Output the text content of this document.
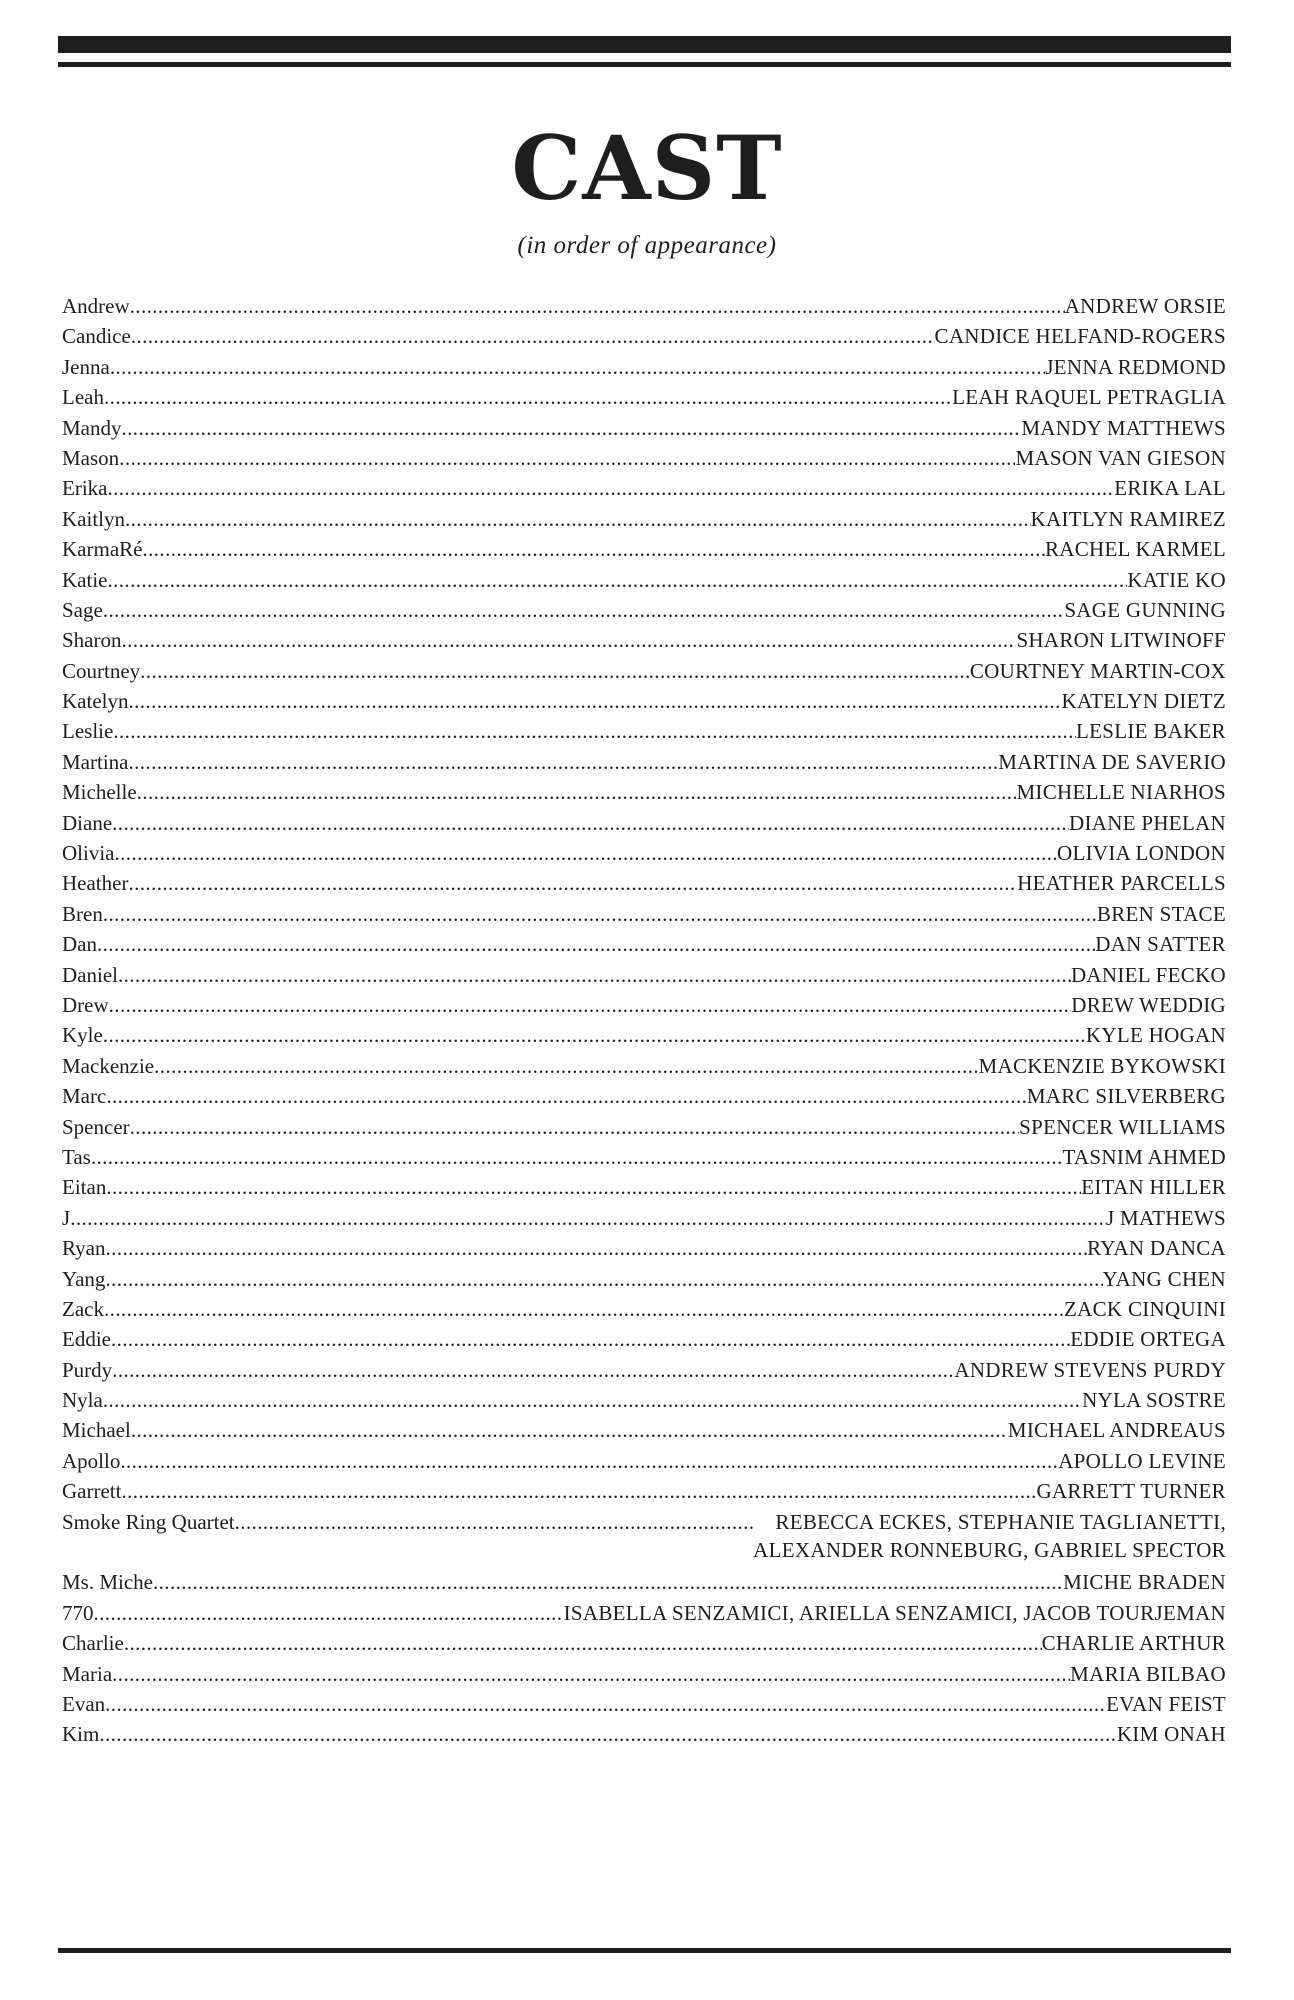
CAST
(in order of appearance)
Andrew .....	ANDREW ORSIE
Candice .....	CANDICE HELFAND-ROGERS
Jenna .....	JENNA REDMOND
Leah .....	LEAH RAQUEL PETRAGLIA
Mandy .....	MANDY MATTHEWS
Mason .....	MASON VAN GIESON
Erika .....	ERIKA LAL
Kaitlyn .....	KAITLYN RAMIREZ
KarmaRé .....	RACHEL KARMEL
Katie .....	KATIE KO
Sage .....	SAGE GUNNING
Sharon .....	SHARON LITWINOFF
Courtney .....	COURTNEY MARTIN-COX
Katelyn .....	KATELYN DIETZ
Leslie .....	LESLIE BAKER
Martina .....	MARTINA DE SAVERIO
Michelle .....	MICHELLE NIARHOS
Diane .....	DIANE PHELAN
Olivia .....	OLIVIA LONDON
Heather .....	HEATHER PARCELLS
Bren .....	BREN STACE
Dan .....	DAN SATTER
Daniel .....	DANIEL FECKO
Drew .....	DREW WEDDIG
Kyle .....	KYLE HOGAN
Mackenzie .....	MACKENZIE BYKOWSKI
Marc .....	MARC SILVERBERG
Spencer .....	SPENCER WILLIAMS
Tas .....	TASNIM AHMED
Eitan .....	EITAN HILLER
J .....	J MATHEWS
Ryan .....	RYAN DANCA
Yang .....	YANG CHEN
Zack .....	ZACK CINQUINI
Eddie .....	EDDIE ORTEGA
Purdy .....	ANDREW STEVENS PURDY
Nyla .....	NYLA SOSTRE
Michael .....	MICHAEL ANDREAUS
Apollo .....	APOLLO LEVINE
Garrett .....	GARRETT TURNER
Smoke Ring Quartet .....	REBECCA ECKES, STEPHANIE TAGLIANETTI,
ALEXANDER RONNEBURG, GABRIEL SPECTOR
Ms. Miche .....	MICHE BRADEN
770 .....	ISABELLA SENZAMICI, ARIELLA SENZAMICI, JACOB TOURJEMAN
Charlie .....	CHARLIE ARTHUR
Maria .....	MARIA BILBAO
Evan .....	EVAN FEIST
Kim .....	KIM ONAH
